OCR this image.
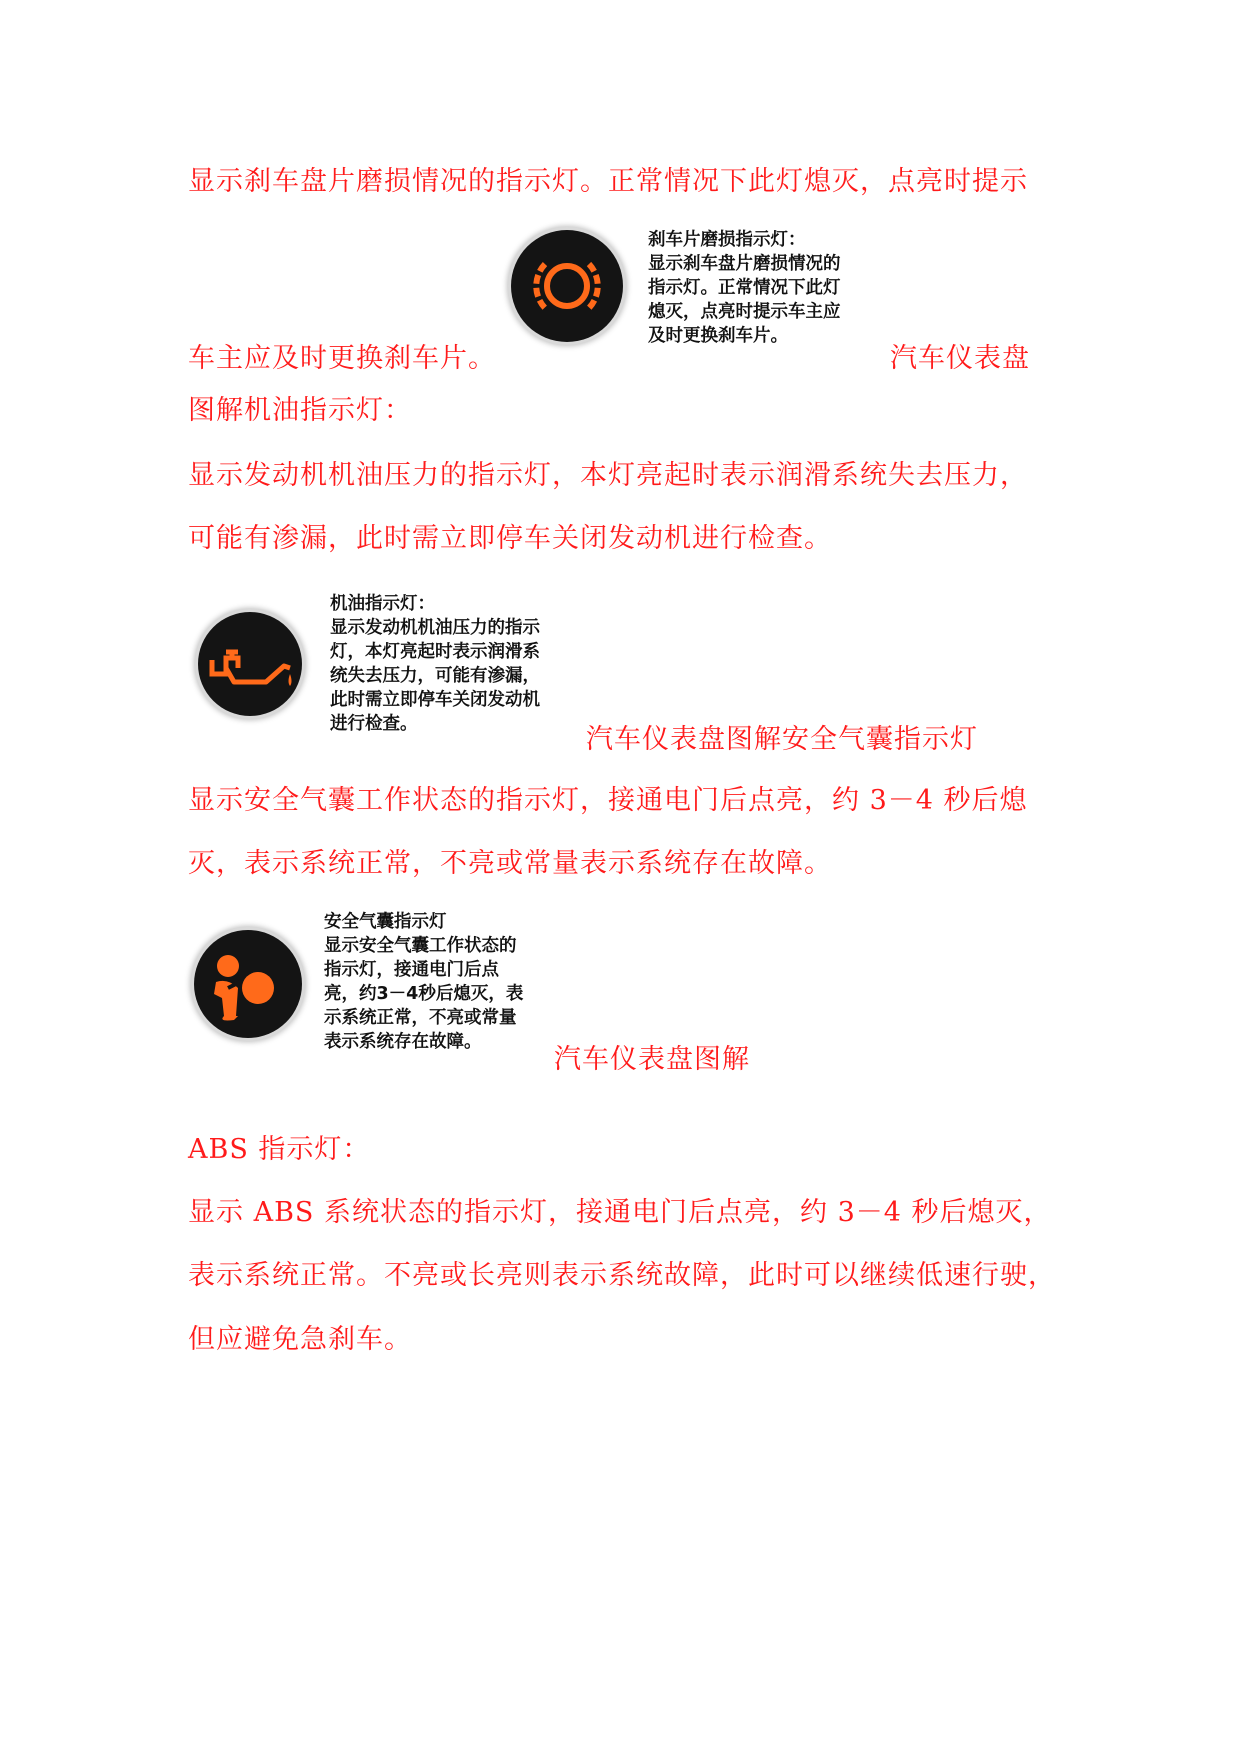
显示刹车盘片磨损情况的指示灯。正常情况下此灯熄灭，点亮时提示
刹车片磨损指示灯：
显示刹车盘片磨损情况的
指示灯。正常情况下此灯
熄灭，点亮时提示车主应
及时更换刹车片。
车主应及时更换刹车片。	汽车仪表盘
图解机油指示灯：
显示发动机机油压力的指示灯，本灯亮起时表示润滑系统失去压力，
可能有渗漏，此时需立即停车关闭发动机进行检查。
机油指示灯：
显示发动机机油压力的指示
灯，本灯亮起时表示润滑系
统失去压力，可能有渗漏，
此时需立即停车关闭发动机
进行检查。	汽车仪表盘图解安全气囊指示灯
显示安全气囊工作状态的指示灯，接通电门后点亮，约 3－4 秒后熄
灭，表示系统正常，不亮或常量表示系统存在故障。
安全气囊指示灯
显示安全气囊工作状态的
指示灯，接通电门后点
亮，约3－4秒后熄灭，表
示系统正常，不亮或常量
表示系统存在故障。
汽车仪表盘图解
ABS 指示灯：
显示 ABS 系统状态的指示灯，接通电门后点亮，约 3－4 秒后熄灭，
表示系统正常。不亮或长亮则表示系统故障，此时可以继续低速行驶，
但应避免急刹车。
